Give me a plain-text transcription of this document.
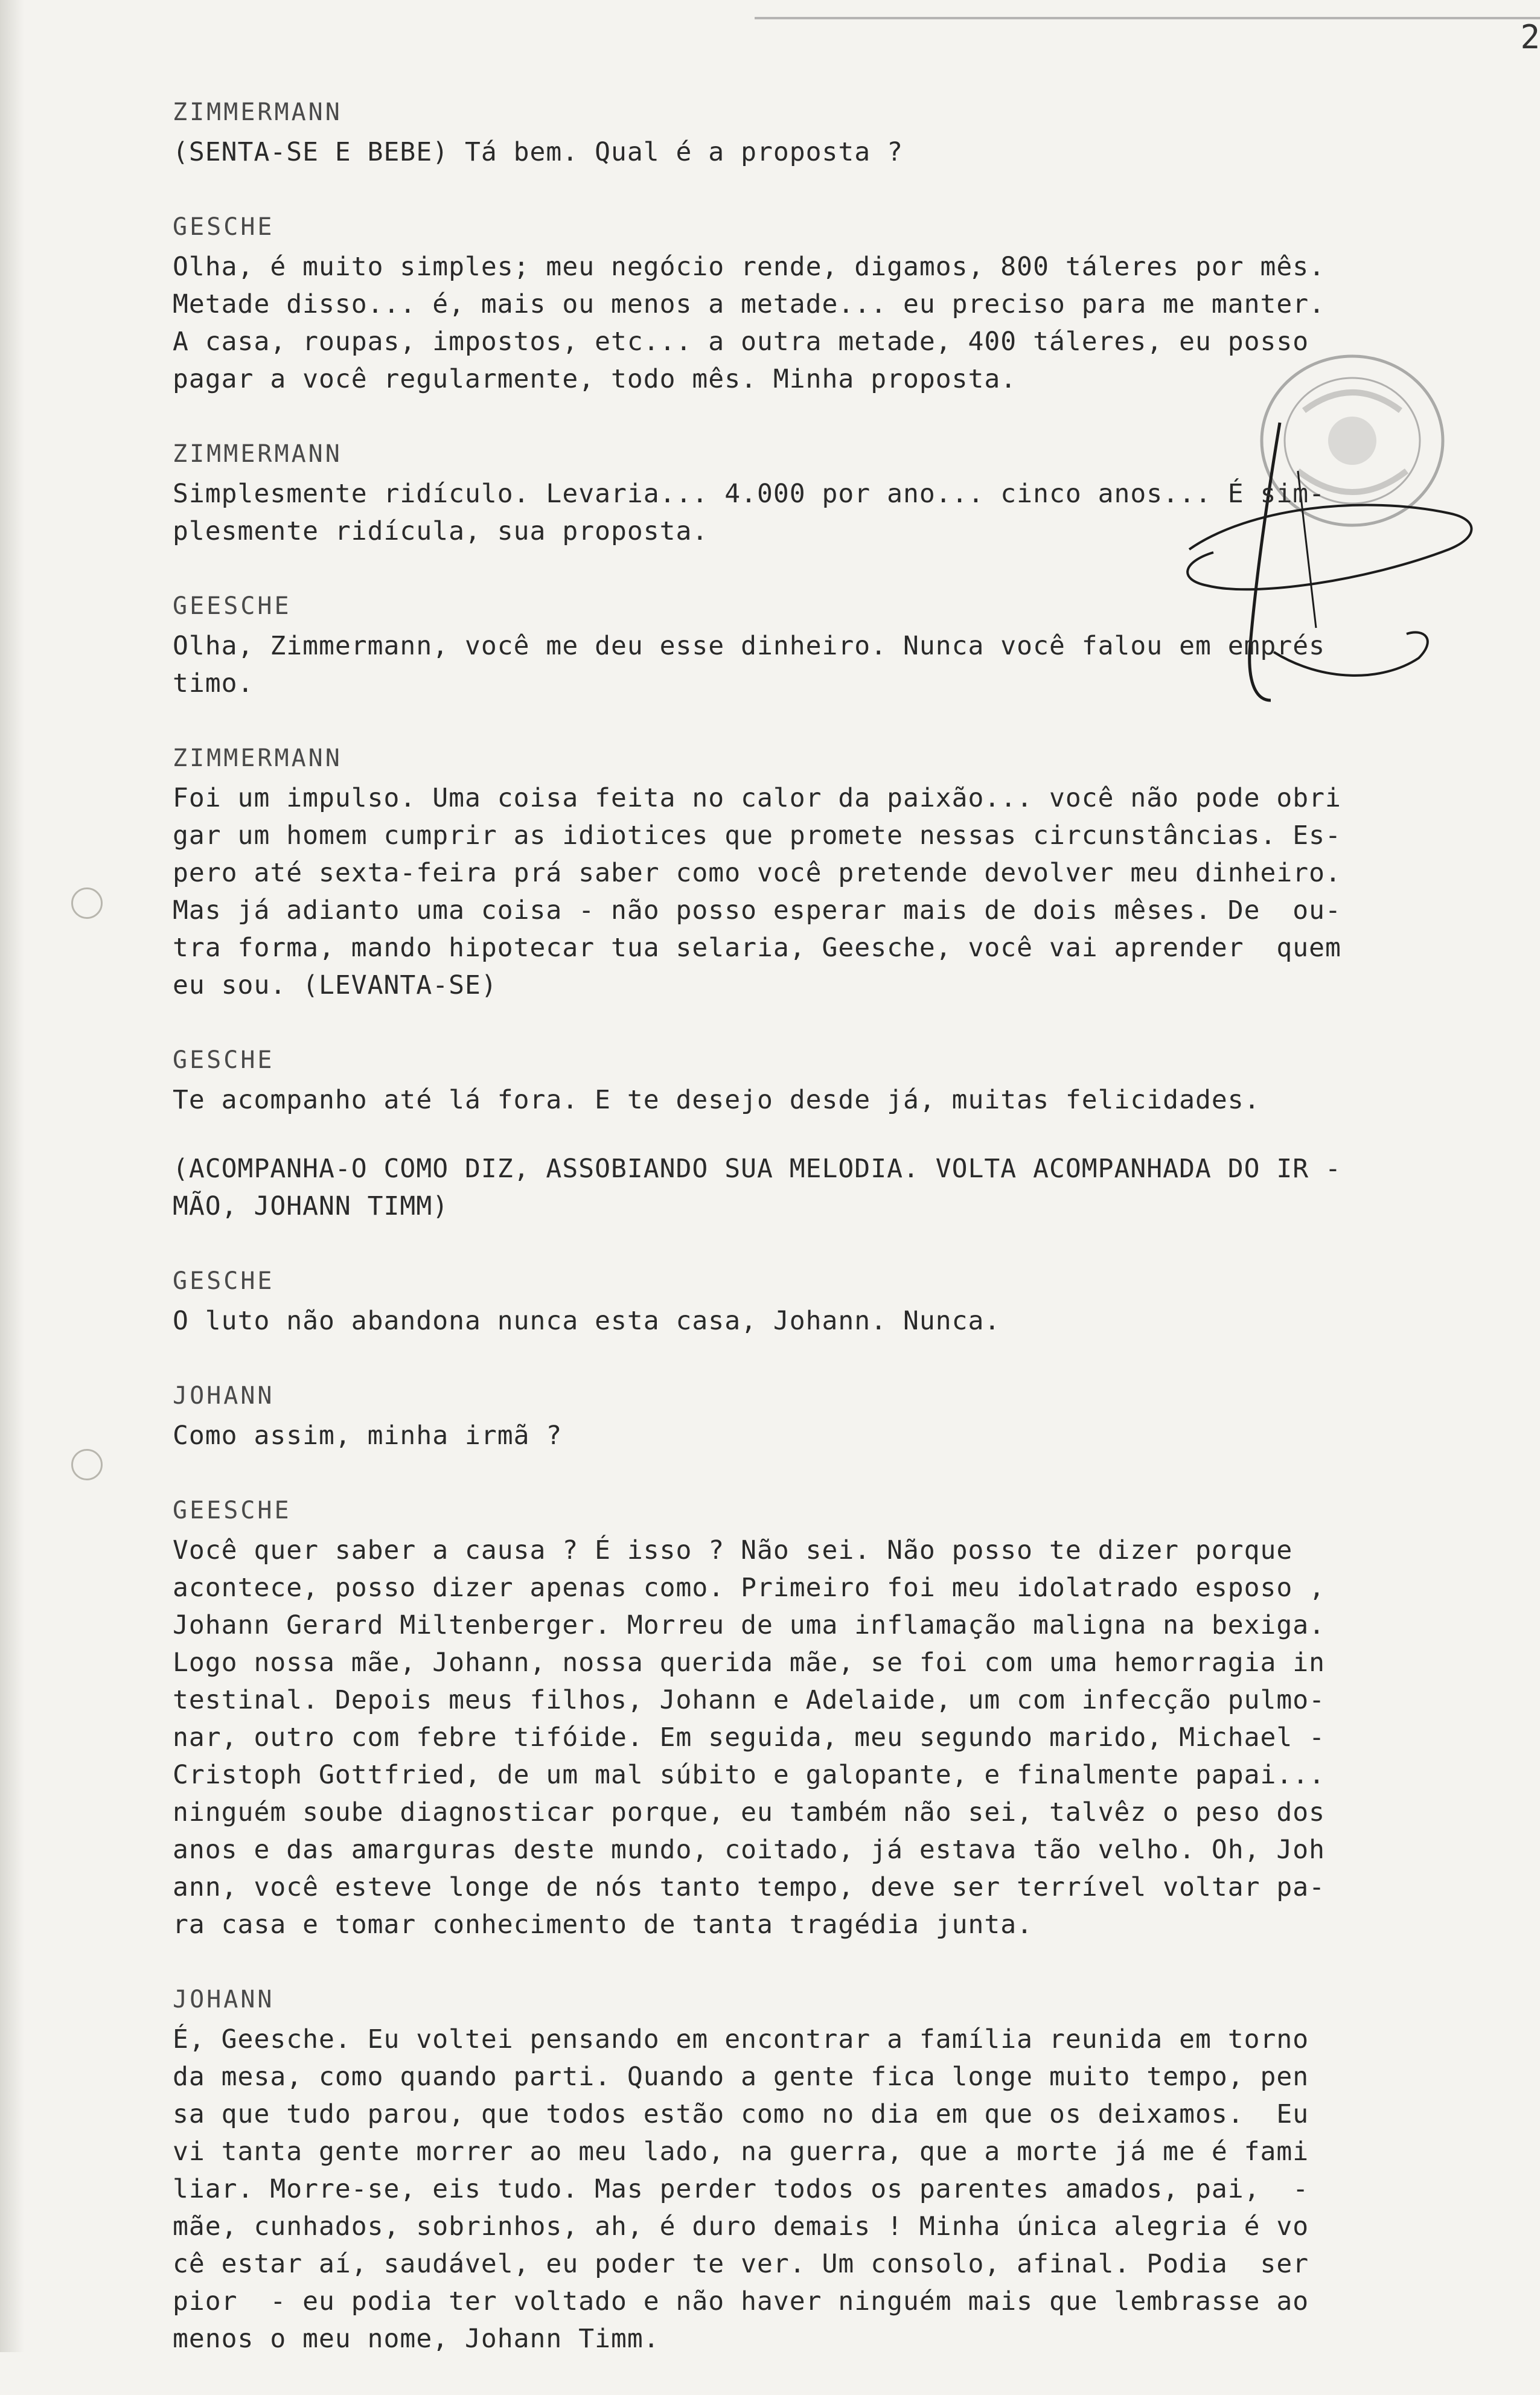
2
ZIMMERMANN
(SENTA-SE E BEBE) Tá bem. Qual é a proposta ?
GESCHE
Olha, é muito simples; meu negócio rende, digamos, 800 táleres por mês.
Metade disso... é, mais ou menos a metade... eu preciso para me manter.
A casa, roupas, impostos, etc... a outra metade, 400 táleres, eu posso
pagar a você regularmente, todo mês. Minha proposta.
ZIMMERMANN
Simplesmente ridículo. Levaria... 4.000 por ano... cinco anos... É sim-
plesmente ridícula, sua proposta.
GEESCHE
Olha, Zimmermann, você me deu esse dinheiro. Nunca você falou em emprés
timo.
ZIMMERMANN
Foi um impulso. Uma coisa feita no calor da paixão... você não pode obri
gar um homem cumprir as idiotices que promete nessas circunstâncias. Es-
pero até sexta-feira prá saber como você pretende devolver meu dinheiro.
Mas já adianto uma coisa - não posso esperar mais de dois mêses. De  ou-
tra forma, mando hipotecar tua selaria, Geesche, você vai aprender  quem
eu sou. (LEVANTA-SE)
GESCHE
Te acompanho até lá fora. E te desejo desde já, muitas felicidades.
(ACOMPANHA-O COMO DIZ, ASSOBIANDO SUA MELODIA. VOLTA ACOMPANHADA DO IR -
MÃO, JOHANN TIMM)
GESCHE
O luto não abandona nunca esta casa, Johann. Nunca.
JOHANN
Como assim, minha irmã ?
GEESCHE
Você quer saber a causa ? É isso ? Não sei. Não posso te dizer porque
acontece, posso dizer apenas como. Primeiro foi meu idolatrado esposo ,
Johann Gerard Miltenberger. Morreu de uma inflamação maligna na bexiga.
Logo nossa mãe, Johann, nossa querida mãe, se foi com uma hemorragia in
testinal. Depois meus filhos, Johann e Adelaide, um com infecção pulmo-
nar, outro com febre tifóide. Em seguida, meu segundo marido, Michael -
Cristoph Gottfried, de um mal súbito e galopante, e finalmente papai...
ninguém soube diagnosticar porque, eu também não sei, talvêz o peso dos
anos e das amarguras deste mundo, coitado, já estava tão velho. Oh, Joh
ann, você esteve longe de nós tanto tempo, deve ser terrível voltar pa-
ra casa e tomar conhecimento de tanta tragédia junta.
JOHANN
É, Geesche. Eu voltei pensando em encontrar a família reunida em torno
da mesa, como quando parti. Quando a gente fica longe muito tempo, pen
sa que tudo parou, que todos estão como no dia em que os deixamos.  Eu
vi tanta gente morrer ao meu lado, na guerra, que a morte já me é fami
liar. Morre-se, eis tudo. Mas perder todos os parentes amados, pai,  -
mãe, cunhados, sobrinhos, ah, é duro demais ! Minha única alegria é vo
cê estar aí, saudável, eu poder te ver. Um consolo, afinal. Podia  ser
pior  - eu podia ter voltado e não haver ninguém mais que lembrasse ao
menos o meu nome, Johann Timm.
